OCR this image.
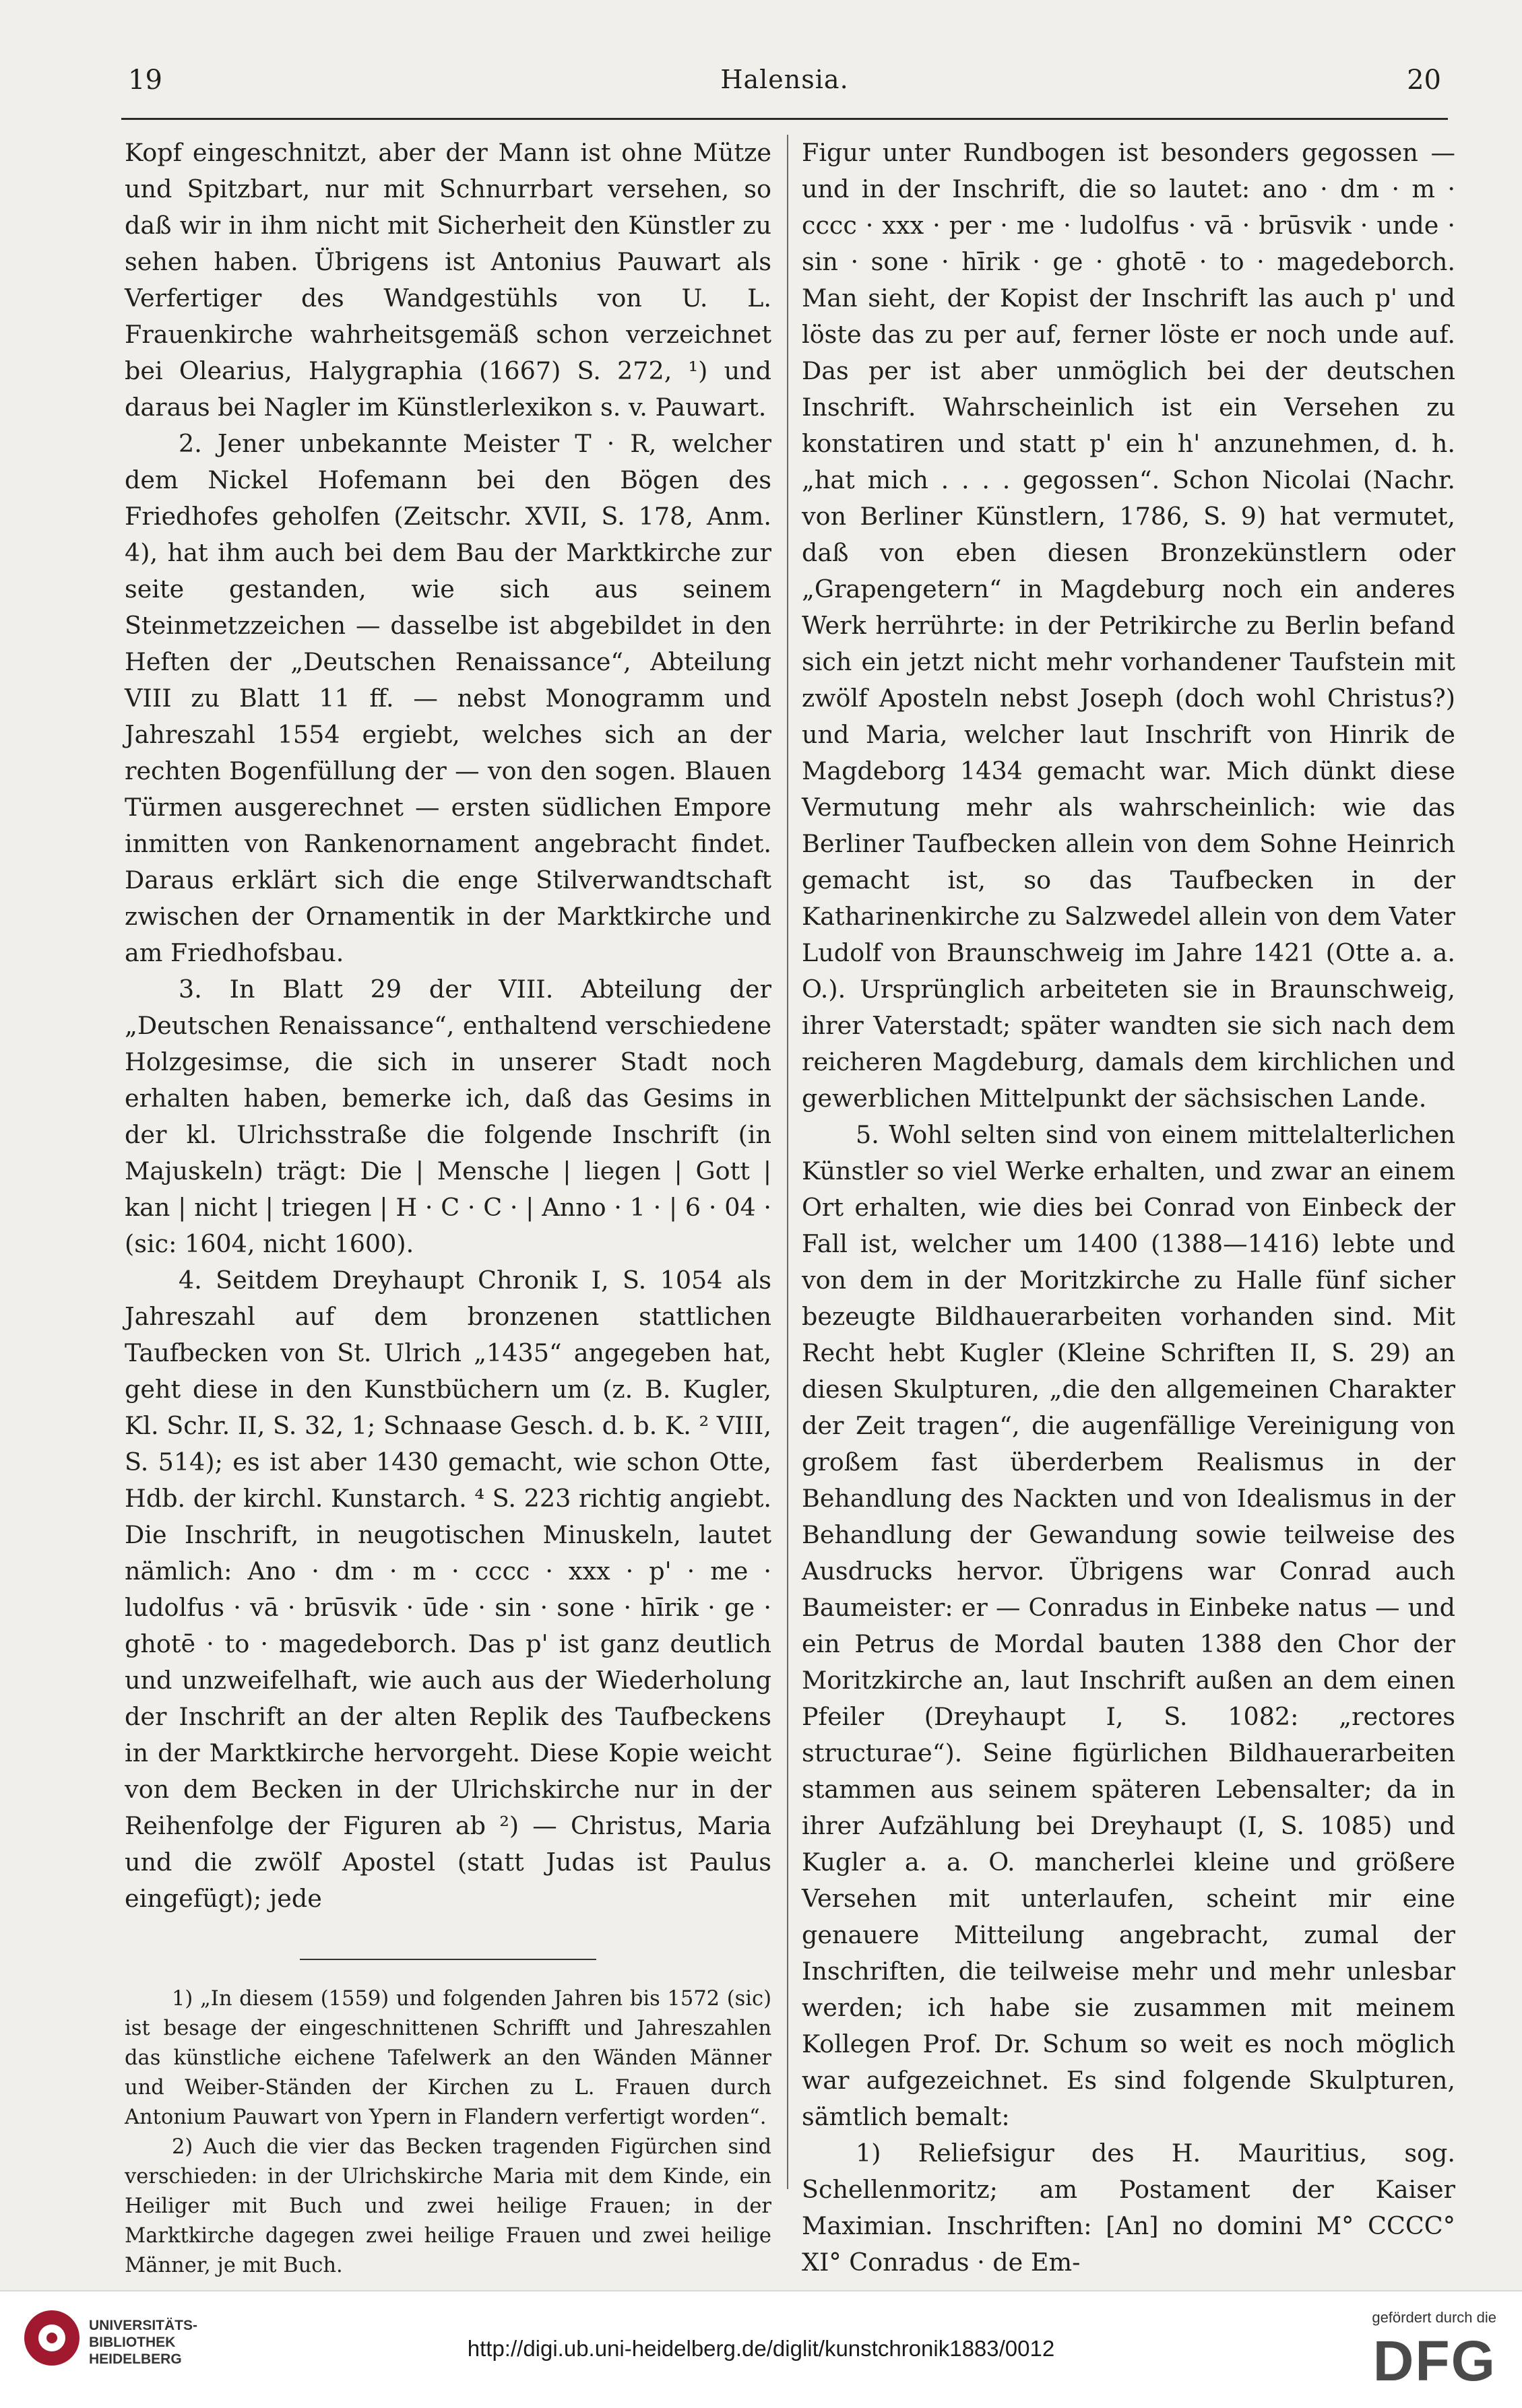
19	Halensia.	20

Kopf eingeschnitzt, aber der Mann ist ohne Mütze und Spitzbart, nur mit Schnurrbart versehen, so daß wir in ihm nicht mit Sicherheit den Künstler zu sehen haben. Übrigens ist Antonius Pauwart als Verfertiger des Wandgestühls von U. L. Frauenkirche wahrheitsgemäß schon verzeichnet bei Olearius, Halygraphia (1667) S. 272, ¹) und daraus bei Nagler im Künstlerlexikon s. v. Pauwart.

2. Jener unbekannte Meister T · R, welcher dem Nickel Hofemann bei den Bögen des Friedhofes geholfen (Zeitschr. XVII, S. 178, Anm. 4), hat ihm auch bei dem Bau der Marktkirche zur seite gestanden, wie sich aus seinem Steinmetzzeichen — dasselbe ist abgebildet in den Heften der „Deutschen Renaissance“, Abteilung VIII zu Blatt 11 ff. — nebst Monogramm und Jahreszahl 1554 ergiebt, welches sich an der rechten Bogenfüllung der — von den sogen. Blauen Türmen ausgerechnet — ersten südlichen Empore inmitten von Rankenornament angebracht findet. Daraus erklärt sich die enge Stilverwandtschaft zwischen der Ornamentik in der Marktkirche und am Friedhofsbau.

3. In Blatt 29 der VIII. Abteilung der „Deutschen Renaissance“, enthaltend verschiedene Holzgesimse, die sich in unserer Stadt noch erhalten haben, bemerke ich, daß das Gesims in der kl. Ulrichsstraße die folgende Inschrift (in Majuskeln) trägt: Die | Mensche | liegen | Gott | kan | nicht | triegen | H · C · C · | Anno · 1 · | 6 · 04 · (sic: 1604, nicht 1600).

4. Seitdem Dreyhaupt Chronik I, S. 1054 als Jahreszahl auf dem bronzenen stattlichen Taufbecken von St. Ulrich „1435“ angegeben hat, geht diese in den Kunstbüchern um (z. B. Kugler, Kl. Schr. II, S. 32, 1; Schnaase Gesch. d. b. K. ² VIII, S. 514); es ist aber 1430 gemacht, wie schon Otte, Hdb. der kirchl. Kunstarch. ⁴ S. 223 richtig angiebt. Die Inschrift, in neugotischen Minuskeln, lautet nämlich: Ano · dm · m · cccc · xxx · p' · me · ludolfus · vā · brūsvik · ūde · sin · sone · hīrik · ge · ghotē · to · magedeborch. Das p' ist ganz deutlich und unzweifelhaft, wie auch aus der Wiederholung der Inschrift an der alten Replik des Taufbeckens in der Marktkirche hervorgeht. Diese Kopie weicht von dem Becken in der Ulrichskirche nur in der Reihenfolge der Figuren ab ²) — Christus, Maria und die zwölf Apostel (statt Judas ist Paulus eingefügt); jede

1) „In diesem (1559) und folgenden Jahren bis 1572 (sic) ist besage der eingeschnittenen Schrifft und Jahreszahlen das künstliche eichene Tafelwerk an den Wänden Männer und Weiber-Ständen der Kirchen zu L. Frauen durch Antonium Pauwart von Ypern in Flandern verfertigt worden“.

2) Auch die vier das Becken tragenden Figürchen sind verschieden: in der Ulrichskirche Maria mit dem Kinde, ein Heiliger mit Buch und zwei heilige Frauen; in der Marktkirche dagegen zwei heilige Frauen und zwei heilige Männer, je mit Buch.

Figur unter Rundbogen ist besonders gegossen — und in der Inschrift, die so lautet: ano · dm · m · cccc · xxx · per · me · ludolfus · vā · brūsvik · unde · sin · sone · hīrik · ge · ghotē · to · magedeborch. Man sieht, der Kopist der Inschrift las auch p' und löste das zu per auf, ferner löste er noch unde auf. Das per ist aber unmöglich bei der deutschen Inschrift. Wahrscheinlich ist ein Versehen zu konstatiren und statt p' ein h' anzunehmen, d. h. „hat mich . . . . gegossen“. Schon Nicolai (Nachr. von Berliner Künstlern, 1786, S. 9) hat vermutet, daß von eben diesen Bronzekünstlern oder „Grapengetern“ in Magdeburg noch ein anderes Werk herrührte: in der Petrikirche zu Berlin befand sich ein jetzt nicht mehr vorhandener Taufstein mit zwölf Aposteln nebst Joseph (doch wohl Christus?) und Maria, welcher laut Inschrift von Hinrik de Magdeborg 1434 gemacht war. Mich dünkt diese Vermutung mehr als wahrscheinlich: wie das Berliner Taufbecken allein von dem Sohne Heinrich gemacht ist, so das Taufbecken in der Katharinenkirche zu Salzwedel allein von dem Vater Ludolf von Braunschweig im Jahre 1421 (Otte a. a. O.). Ursprünglich arbeiteten sie in Braunschweig, ihrer Vaterstadt; später wandten sie sich nach dem reicheren Magdeburg, damals dem kirchlichen und gewerblichen Mittelpunkt der sächsischen Lande.

5. Wohl selten sind von einem mittelalterlichen Künstler so viel Werke erhalten, und zwar an einem Ort erhalten, wie dies bei Conrad von Einbeck der Fall ist, welcher um 1400 (1388—1416) lebte und von dem in der Moritzkirche zu Halle fünf sicher bezeugte Bildhauerarbeiten vorhanden sind. Mit Recht hebt Kugler (Kleine Schriften II, S. 29) an diesen Skulpturen, „die den allgemeinen Charakter der Zeit tragen“, die augenfällige Vereinigung von großem fast überderbem Realismus in der Behandlung des Nackten und von Idealismus in der Behandlung der Gewandung sowie teilweise des Ausdrucks hervor. Übrigens war Conrad auch Baumeister: er — Conradus in Einbeke natus — und ein Petrus de Mordal bauten 1388 den Chor der Moritzkirche an, laut Inschrift außen an dem einen Pfeiler (Dreyhaupt I, S. 1082: „rectores structurae“). Seine figürlichen Bildhauerarbeiten stammen aus seinem späteren Lebensalter; da in ihrer Aufzählung bei Dreyhaupt (I, S. 1085) und Kugler a. a. O. mancherlei kleine und größere Versehen mit unterlaufen, scheint mir eine genauere Mitteilung angebracht, zumal der Inschriften, die teilweise mehr und mehr unlesbar werden; ich habe sie zusammen mit meinem Kollegen Prof. Dr. Schum so weit es noch möglich war aufgezeichnet. Es sind folgende Skulpturen, sämtlich bemalt:

1) Reliefsigur des H. Mauritius, sog. Schellenmoritz; am Postament der Kaiser Maximian. Inschriften: [An] no domini M° CCCC° XI° Conradus · de Em-

UNIVERSITÄTS-
BIBLIOTHEK
HEIDELBERG	http://digi.ub.uni-heidelberg.de/diglit/kunstchronik1883/0012
gefördert durch die
DFG
